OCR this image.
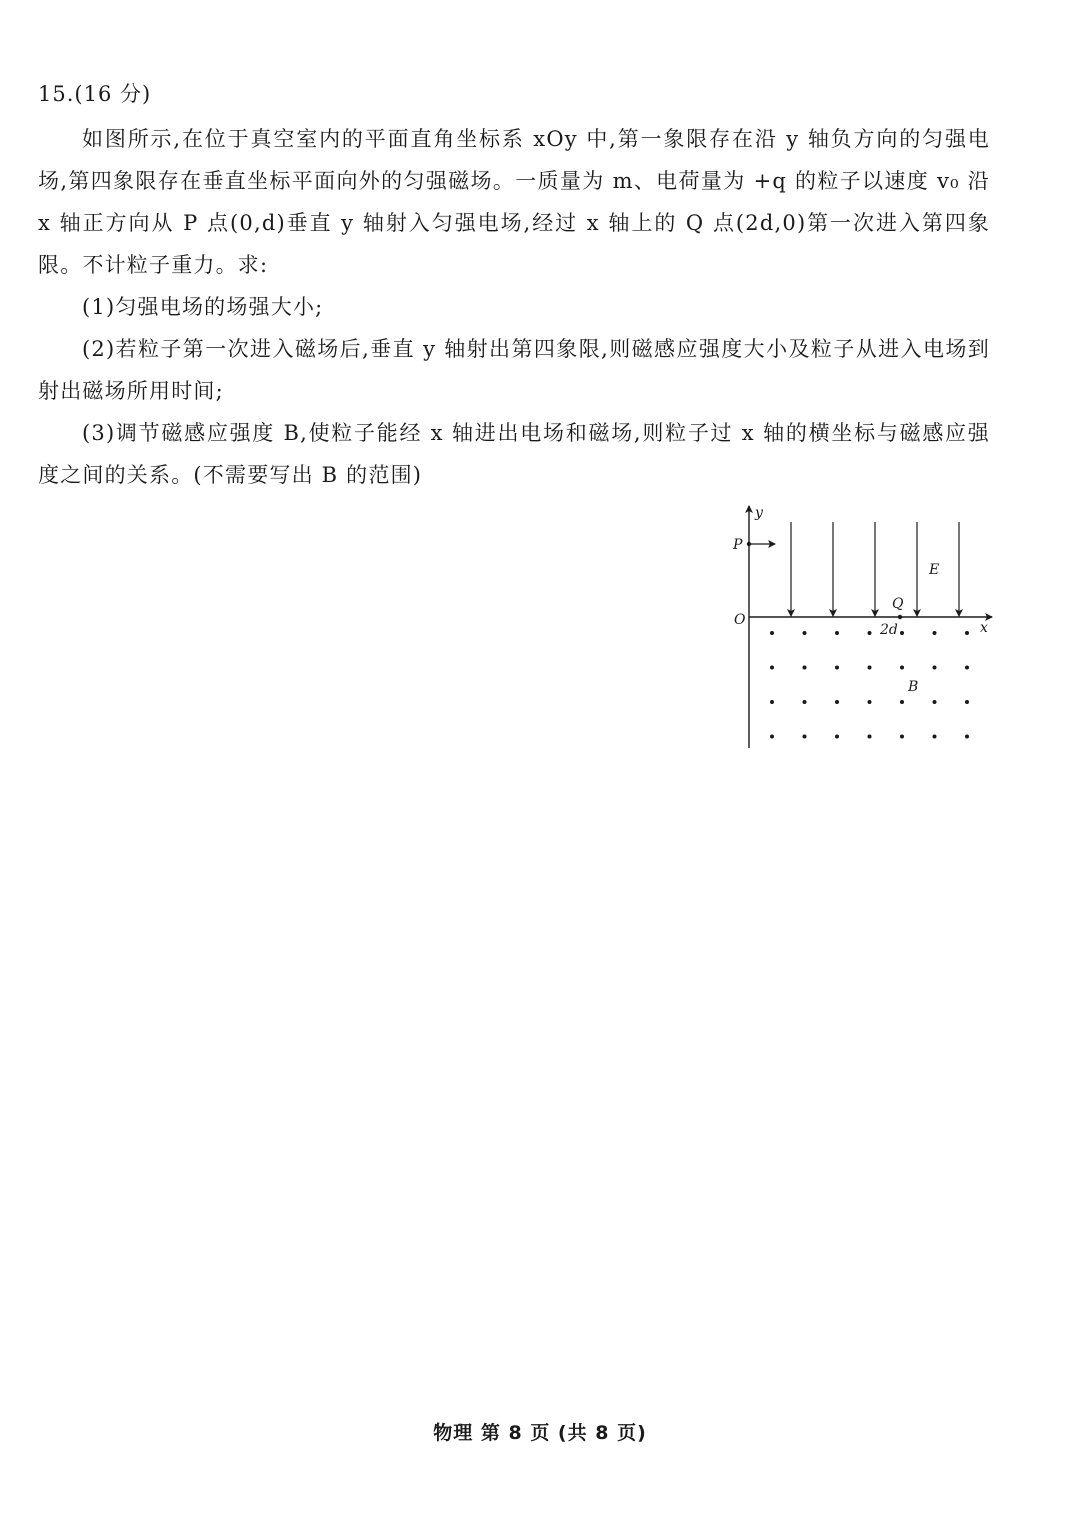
15.(16 分)

如图所示,在位于真空室内的平面直角坐标系 xOy 中,第一象限存在沿 y 轴负方向的匀强电场,第四象限存在垂直坐标平面向外的匀强磁场。一质量为 m、电荷量为 +q 的粒子以速度 v₀ 沿 x 轴正方向从 P 点(0,d)垂直 y 轴射入匀强电场,经过 x 轴上的 Q 点(2d,0)第一次进入第四象限。不计粒子重力。求:

(1)匀强电场的场强大小;

(2)若粒子第一次进入磁场后,垂直 y 轴射出第四象限,则磁感应强度大小及粒子从进入电场到射出磁场所用时间;

(3)调节磁感应强度 B,使粒子能经 x 轴进出电场和磁场,则粒子过 x 轴的横坐标与磁感应强度之间的关系。(不需要写出 B 的范围)

y
x
O
P
Q
2d
E
B
物理 第 8 页 (共 8 页)
